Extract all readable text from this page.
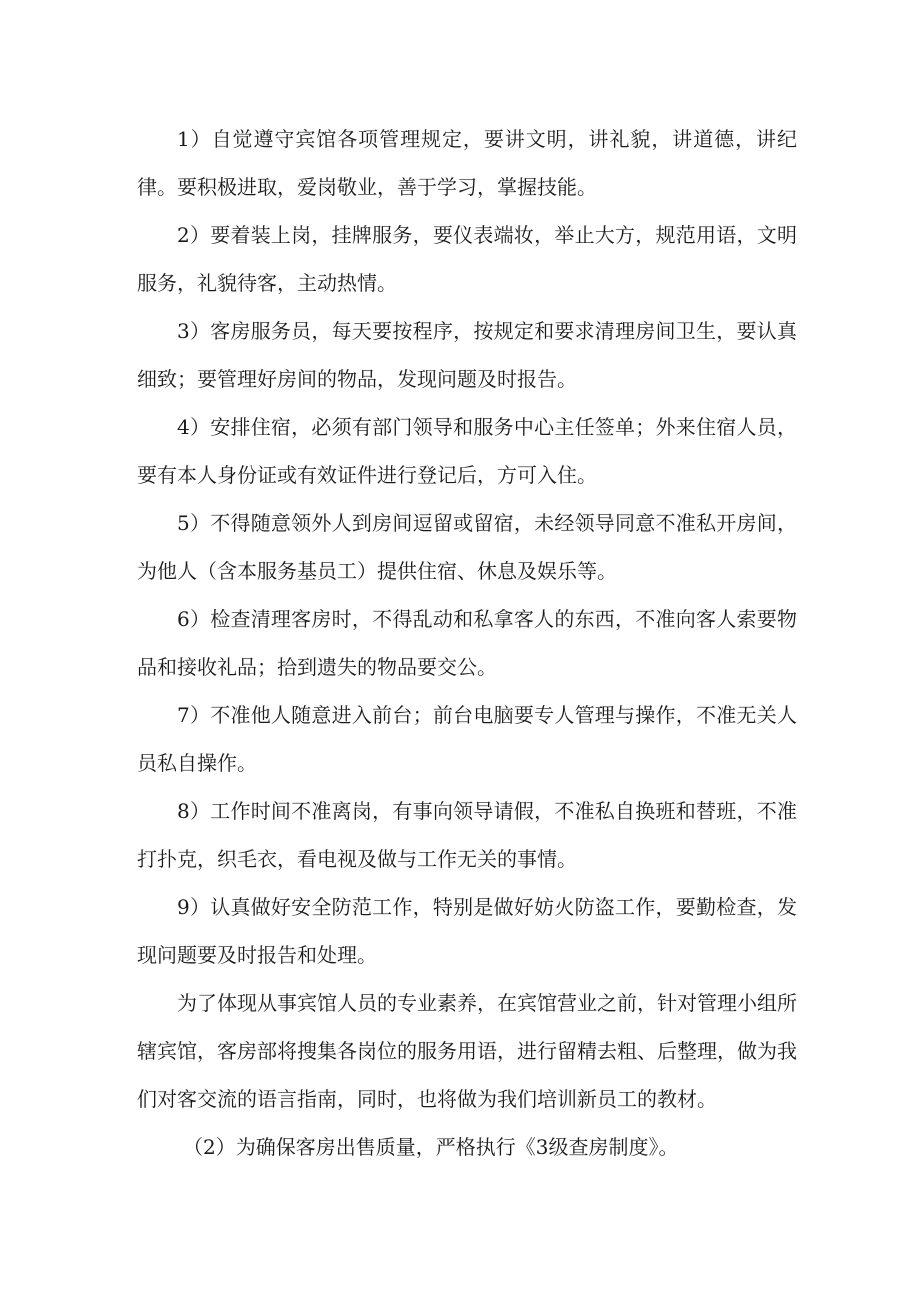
1）自觉遵守宾馆各项管理规定，要讲文明，讲礼貌，讲道德，讲纪律。要积极进取，爱岗敬业，善于学习，掌握技能。

2）要着装上岗，挂牌服务，要仪表端妆，举止大方，规范用语，文明服务，礼貌待客，主动热情。

3）客房服务员，每天要按程序，按规定和要求清理房间卫生，要认真细致；要管理好房间的物品，发现问题及时报告。

4）安排住宿，必须有部门领导和服务中心主任签单；外来住宿人员，要有本人身份证或有效证件进行登记后，方可入住。

5）不得随意领外人到房间逗留或留宿，未经领导同意不准私开房间，为他人（含本服务基员工）提供住宿、休息及娱乐等。

6）检查清理客房时，不得乱动和私拿客人的东西，不准向客人索要物品和接收礼品；拾到遗失的物品要交公。

7）不准他人随意进入前台；前台电脑要专人管理与操作，不准无关人员私自操作。

8）工作时间不准离岗，有事向领导请假，不准私自换班和替班，不准打扑克，织毛衣，看电视及做与工作无关的事情。

9）认真做好安全防范工作，特别是做好妨火防盗工作，要勤检查，发现问题要及时报告和处理。

为了体现从事宾馆人员的专业素养，在宾馆营业之前，针对管理小组所辖宾馆，客房部将搜集各岗位的服务用语，进行留精去粗、后整理，做为我们对客交流的语言指南，同时，也将做为我们培训新员工的教材。

（2）为确保客房出售质量，严格执行《3级查房制度》。
